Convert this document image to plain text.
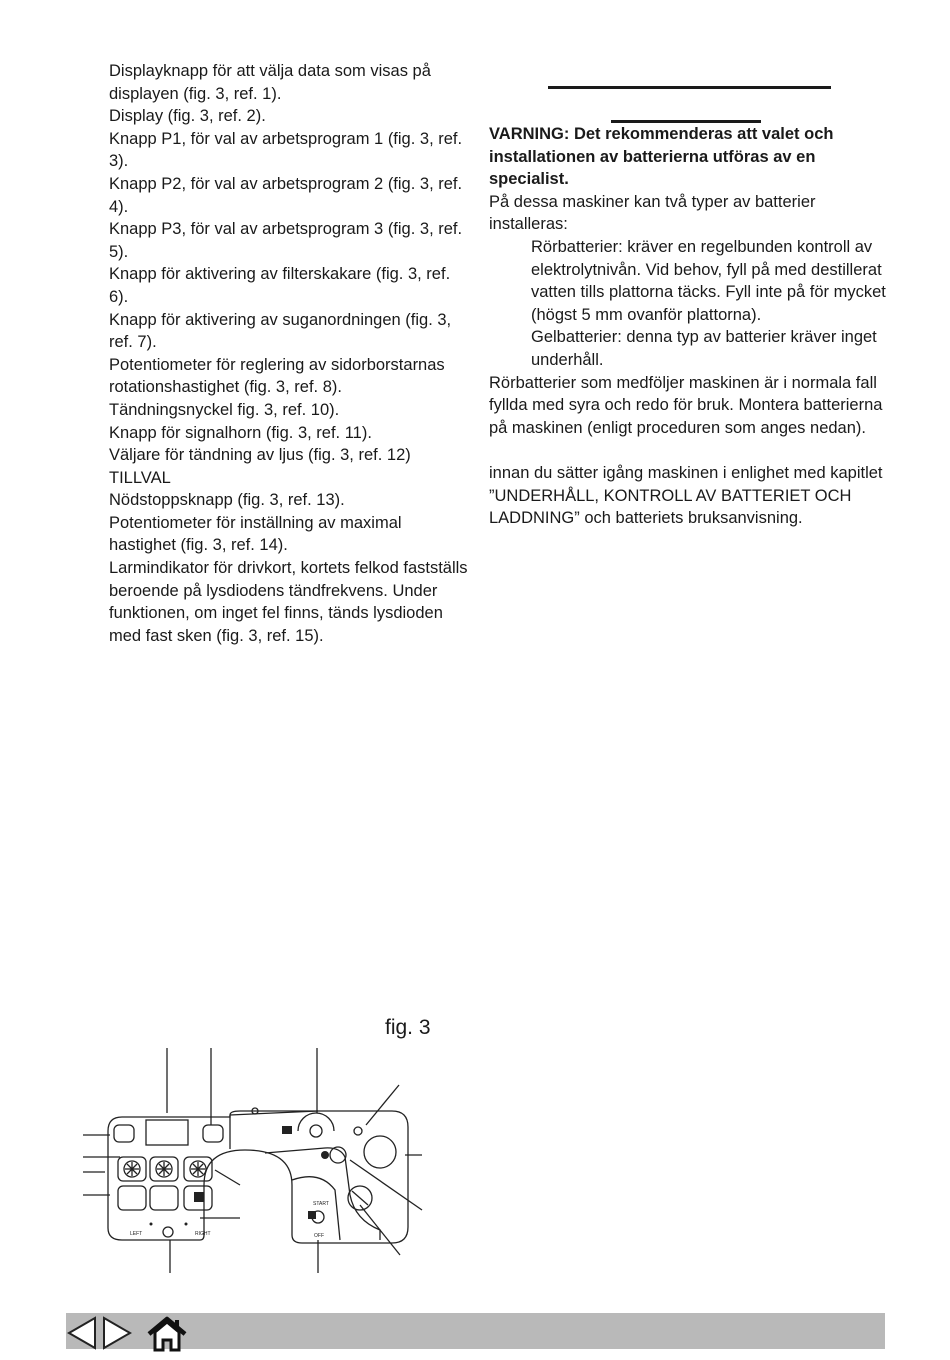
Displayknapp för att välja data som visas på displayen (fig. 3, ref. 1).

Display (fig. 3, ref. 2).

Knapp P1, för val av arbetsprogram 1 (fig. 3, ref. 3).

Knapp P2, för val av arbetsprogram 2 (fig. 3, ref. 4).

Knapp P3, för val av arbetsprogram 3 (fig. 3, ref. 5).

Knapp för aktivering av filterskakare (fig. 3, ref. 6).

Knapp för aktivering av suganordningen (fig. 3, ref. 7).

Potentiometer för reglering av sidorborstarnas rotationshastighet (fig. 3, ref. 8).

Tändningsnyckel fig. 3, ref. 10).

Knapp för signalhorn (fig. 3, ref. 11).

Väljare för tändning av ljus (fig. 3, ref. 12) TILLVAL

Nödstoppsknapp (fig. 3, ref. 13).

Potentiometer för inställning av maximal hastighet (fig. 3, ref. 14).

Larmindikator för drivkort, kortets felkod fastställs beroende på lysdiodens tändfrekvens. Under funktionen, om inget fel finns, tänds lysdioden med fast sken (fig. 3, ref. 15).

VARNING: Det rekommenderas att valet och installationen av batterierna utföras av en specialist.

På dessa maskiner kan två typer av batterier installeras:

Rörbatterier: kräver en regelbunden kontroll av elektrolytnivån. Vid behov, fyll på med destillerat vatten tills plattorna täcks. Fyll inte på för mycket (högst 5 mm ovanför plattorna).

Gelbatterier: denna typ av batterier kräver inget underhåll.

Rörbatterier som medföljer maskinen är i normala fall fyllda med syra och redo för bruk. Montera batterierna på maskinen (enligt proceduren som anges nedan).

innan du sätter igång maskinen i enlighet med kapitlet ”UNDERHÅLL, KONTROLL AV BATTERIET OCH LADDNING” och batteriets bruksanvisning.

fig. 3
START
OFF
LEFT	RIGHT
